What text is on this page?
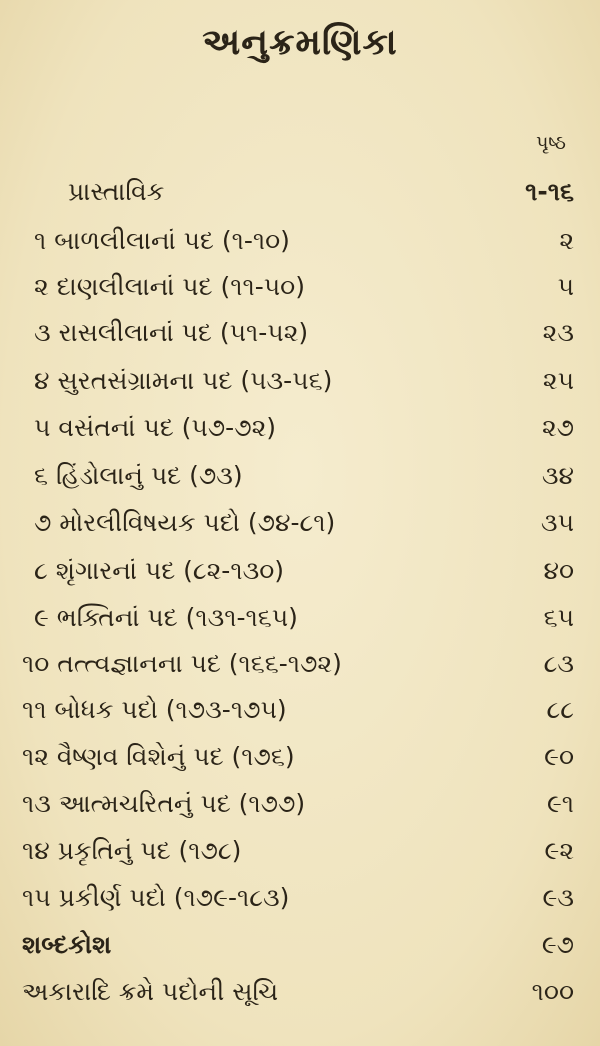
અનુક્રમણિકા
પૃષ્ઠ
પ્રાસ્તાવિક	૧-૧૬
૧ બાળલીલાનાં પદ (૧-૧૦)	૨
૨ દાણલીલાનાં પદ (૧૧-૫૦)	૫
૩ રાસલીલાનાં પદ (૫૧-૫૨)	૨૩
૪ સુરતસંગ્રામના પદ (૫૩-૫૬)	૨૫
૫ વસંતનાં પદ (૫૭-૭૨)	૨૭
૬ હિંડોલાનું પદ (૭૩)	૩૪
૭ મોરલીવિષયક પદો (૭૪-૮૧)	૩૫
૮ શૃંગારનાં પદ (૮૨-૧૩૦)	૪૦
૯ ભક્તિનાં પદ (૧૩૧-૧૬૫)	૬૫
૧૦ તત્ત્વજ્ઞાનના પદ (૧૬૬-૧૭૨)	૮૩
૧૧ બોધક પદો (૧૭૩-૧૭૫)	૮૮
૧૨ વૈષ્ણવ વિશેનું પદ (૧૭૬)	૯૦
૧૩ આત્મચરિતનું પદ (૧૭૭)	૯૧
૧૪ પ્રકૃતિનું પદ (૧૭૮)	૯૨
૧૫ પ્રકીર્ણ પદો (૧૭૯-૧૮૩)	૯૩
શબ્દકોશ	૯૭
અકારાદિ ક્રમે પદોની સૂચિ	૧૦૦
